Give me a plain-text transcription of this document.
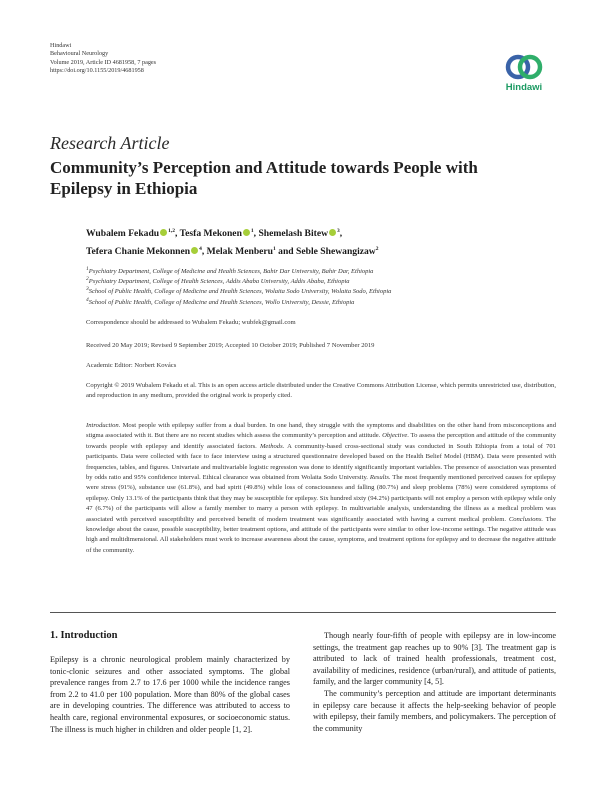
Hindawi
Behavioural Neurology
Volume 2019, Article ID 4681958, 7 pages
https://doi.org/10.1155/2019/4681958
Hindawi
Research Article
Community’s Perception and Attitude towards People with Epilepsy in Ethiopia
Wubalem Fekadu $^{1,2}$, Tesfa Mekonen $^1$, Shemelash Bitew $^3$,
Tefera Chanie Mekonnen $^4$, Melak Menberu$^1$ and Seble Shewangizaw$^2$
$^1$Psychiatry Department, College of Medicine and Health Sciences, Bahir Dar University, Bahir Dar, Ethiopia
$^2$Psychiatry Department, College of Health Sciences, Addis Ababa University, Addis Ababa, Ethiopia
$^3$School of Public Health, College of Medicine and Health Sciences, Wolaita Sodo University, Wolaita Sodo, Ethiopia
$^4$School of Public Health, College of Medicine and Health Sciences, Wollo University, Dessie, Ethiopia
Correspondence should be addressed to Wubalem Fekadu; wubfek@gmail.com
Received 20 May 2019; Revised 9 September 2019; Accepted 10 October 2019; Published 7 November 2019
Academic Editor: Norbert Kovács
Copyright © 2019 Wubalem Fekadu et al. This is an open access article distributed under the Creative Commons Attribution License, which permits unrestricted use, distribution, and reproduction in any medium, provided the original work is properly cited.
Introduction. Most people with epilepsy suffer from a dual burden. In one hand, they struggle with the symptoms and disabilities on the other hand from misconceptions and stigma associated with it. But there are no recent studies which assess the community’s perception and attitude. Objective. To assess the perception and attitude of the community towards people with epilepsy and identify associated factors. Methods. A community-based cross-sectional study was conducted in South Ethiopia from a total of 701 participants. Data were collected with face to face interview using a structured questionnaire developed based on the Health Belief Model (HBM). Data were presented with frequencies, tables, and figures. Univariate and multivariable logistic regression was done to identify significantly important variables. The presence of association was presented by odds ratio and 95% confidence interval. Ethical clearance was obtained from Wolaita Sodo University. Results. The most frequently mentioned perceived causes for epilepsy were stress (91%), substance use (61.8%), and bad spirit (49.8%) while loss of consciousness and falling (80.7%) and sleep problems (78%) were considered symptoms of epilepsy. Only 13.1% of the participants think that they may be susceptible for epilepsy. Six hundred sixty (94.2%) participants will not employ a person with epilepsy while only 47 (6.7%) of the participants will allow a family member to marry a person with epilepsy. In multivariable analysis, understanding the illness as a medical problem was associated with perceived susceptibility and perceived benefit of modern treatment was significantly associated with having a current medical problem. Conclusions. The knowledge about the cause, possible susceptibility, better treatment options, and attitude of the participants were similar to other low-income settings. The negative attitude was high and multidimensional. All stakeholders must work to increase awareness about the cause, symptoms, and treatment options for epilepsy and to decrease the negative attitude of the community.
1. Introduction

Epilepsy is a chronic neurological problem mainly characterized by tonic-clonic seizures and other associated symptoms. The global prevalence ranges from 2.7 to 17.6 per 1000 while the incidence ranges from 2.2 to 41.0 per 100 population. More than 80% of the global cases are in developing countries. The difference was attributed to access to health care, regional environmental exposures, or socioeconomic status. The illness is much higher in children and older people [1, 2].

Though nearly four-fifth of people with epilepsy are in low-income settings, the treatment gap reaches up to 90% [3]. The treatment gap is attributed to lack of trained health professionals, treatment cost, availability of medicines, residence (urban/rural), and attitude of patients, family, and the larger community [4, 5].

The community’s perception and attitude are important determinants in epilepsy care because it affects the help-seeking behavior of people with epilepsy, their family members, and policymakers. The perception of the community
